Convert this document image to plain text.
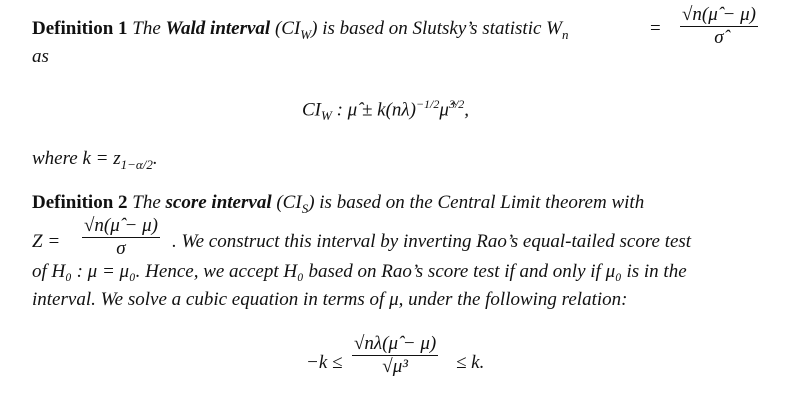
Definition 1 The Wald interval $(CI_W)$ is based on Slutsky’s statistic $W_n$	= $\frac{√n(\mû - \mu)}{\sigmâ}$
as
$CI_W$ : μ̂ ± $k(n\lambda)^{-1/2}\mû^{3/2}$,
where $k = z_{1-\alpha/2}$.
Definition 2 The score interval $(CI_S)$ is based on the Central Limit theorem with
$Z = \frac{√n(\mû - \mu)}{\sigma}$ . We construct this interval by inverting Rao’s equal-tailed score test
of H₀ : μ = μ₀. Hence, we accept H₀ based on Rao’s score test if and only if μ₀ is in the
interval. We solve a cubic equation in terms of μ, under the following relation:
$-k \le \frac{√n\lambda(\mû - \mu)}{\text{√μ³}} \le k$.
